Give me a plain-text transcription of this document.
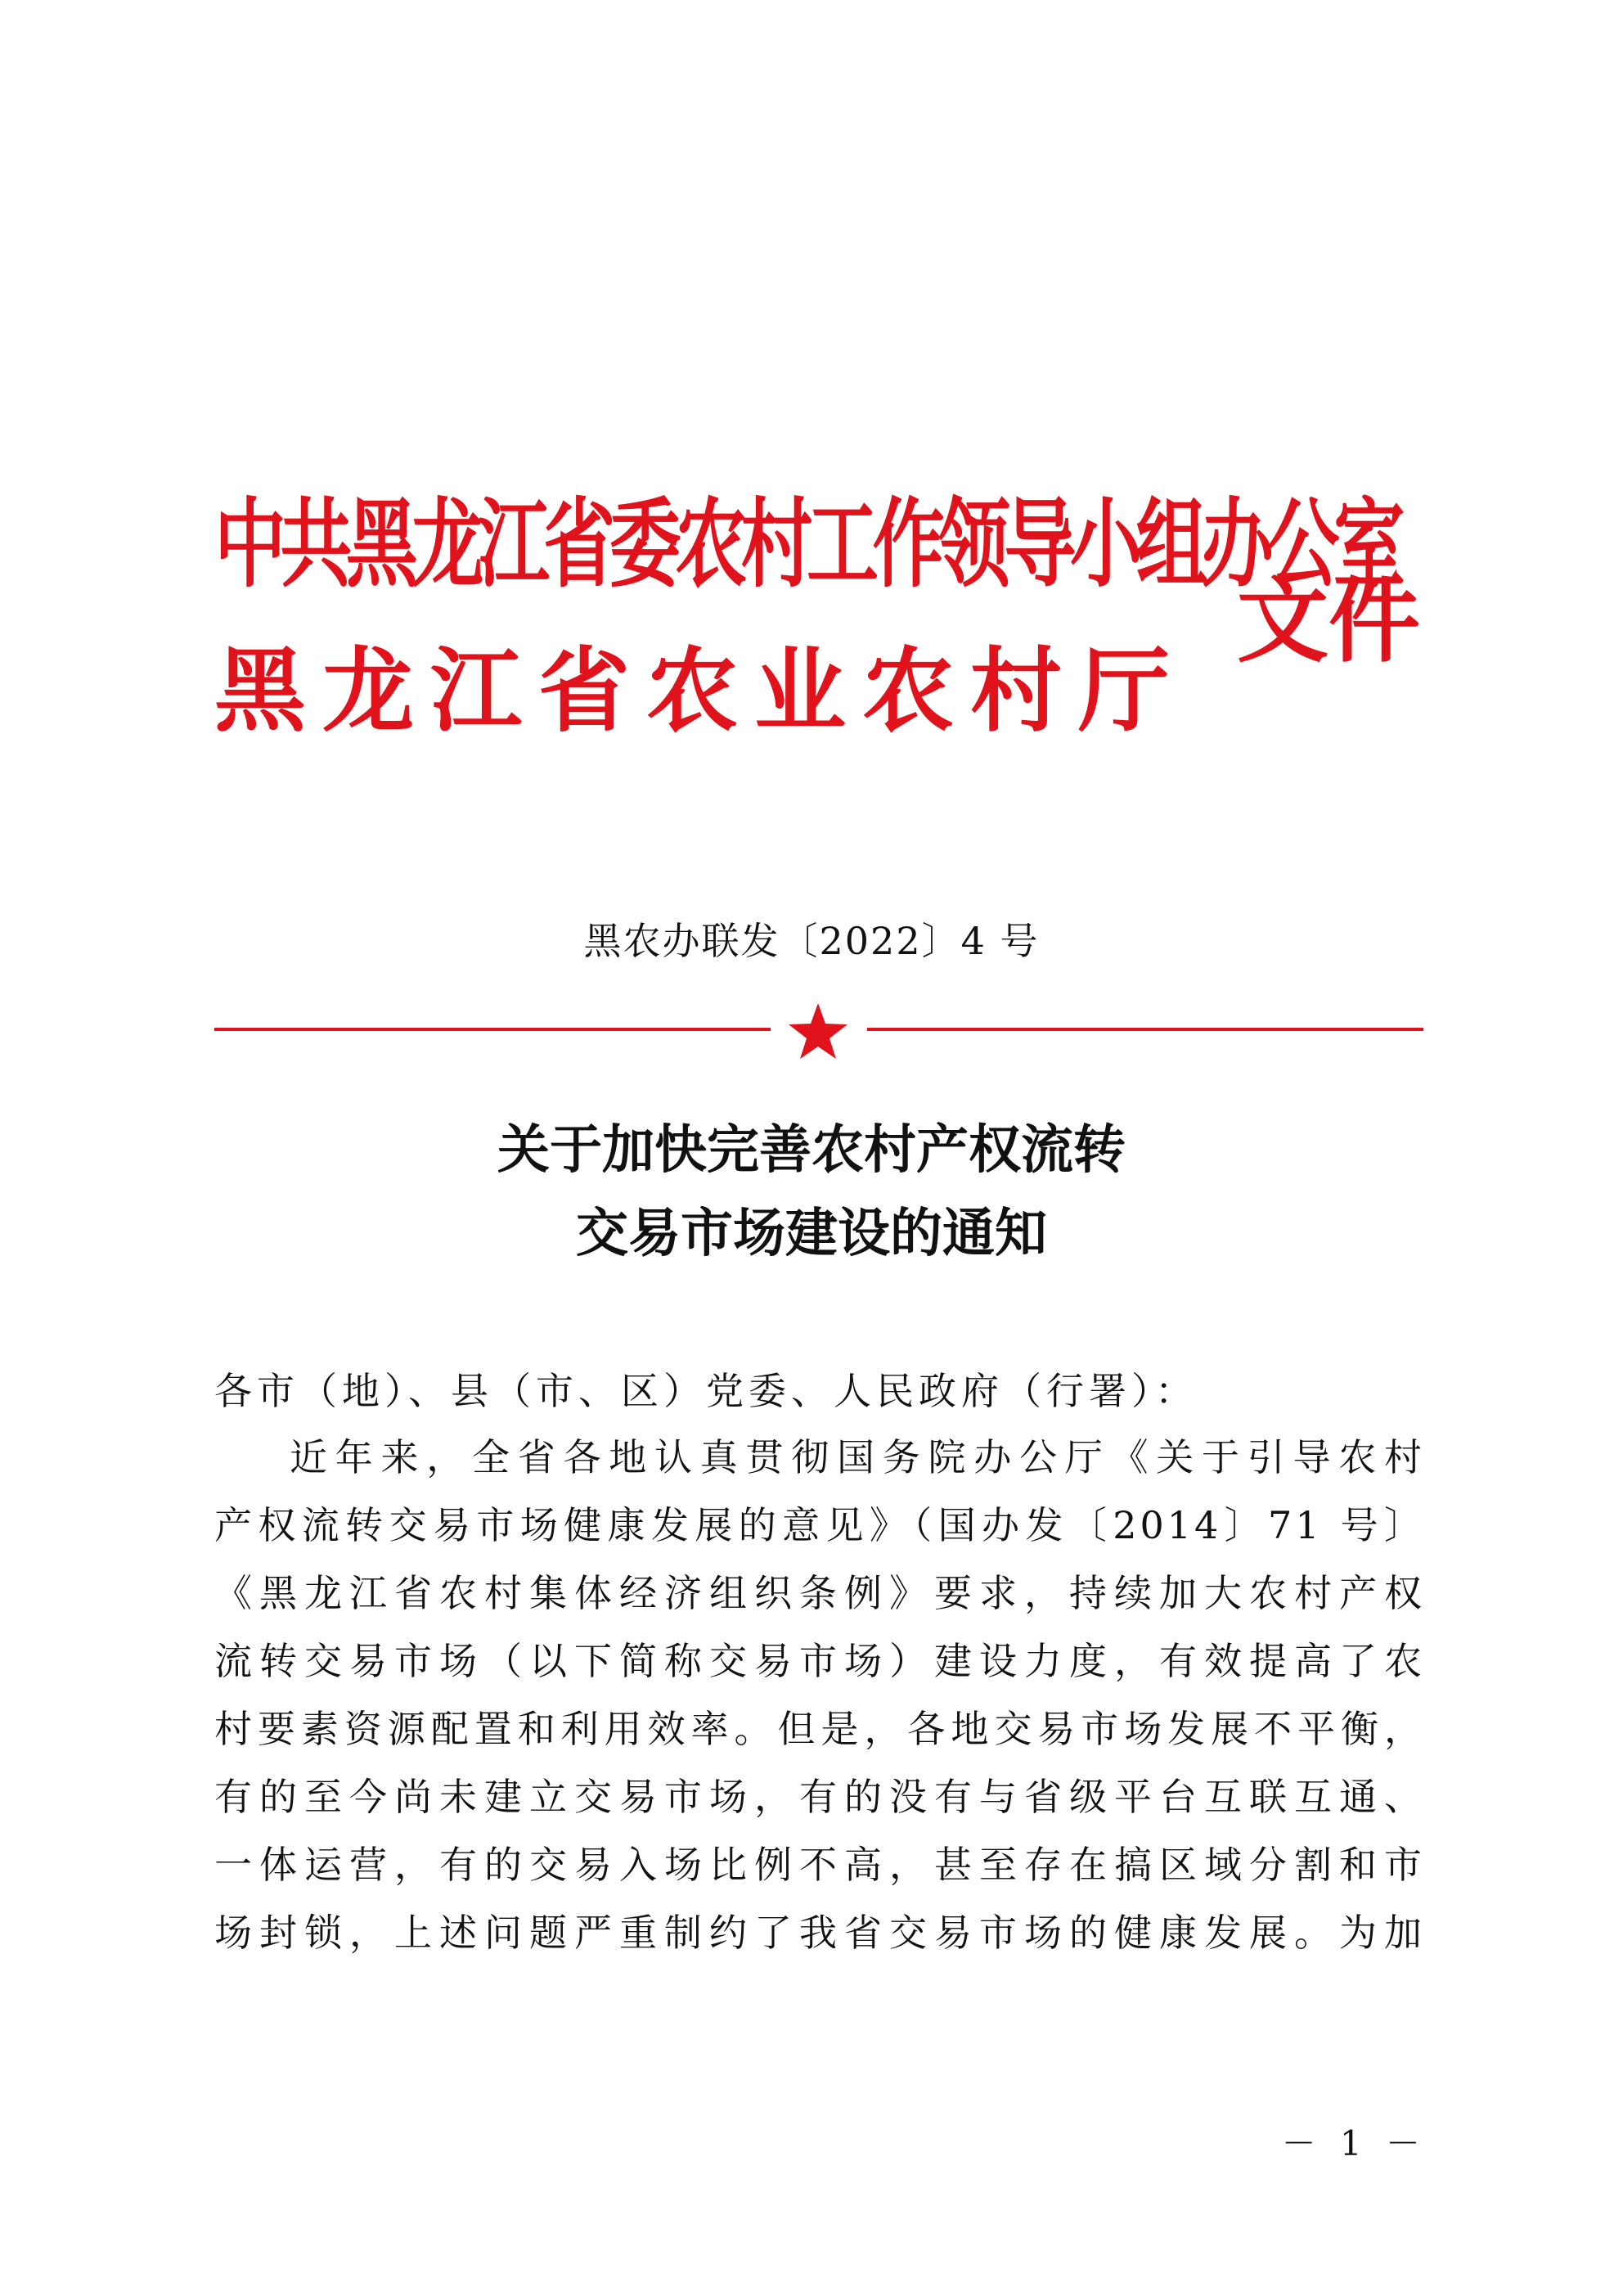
中共黑龙江省委农村工作领导小组办公室
黑龙江省农业农村厅
文件
黑农办联发〔2022〕4 号
关于加快完善农村产权流转
交易市场建设的通知
各市（地）、县（市、区）党委、人民政府（行署）：
近年来，全省各地认真贯彻国务院办公厅《关于引导农村
产权流转交易市场健康发展的意见》（国办发〔2014〕71 号〕
《黑龙江省农村集体经济组织条例》要求，持续加大农村产权
流转交易市场（以下简称交易市场）建设力度，有效提高了农
村要素资源配置和利用效率。但是，各地交易市场发展不平衡，
有的至今尚未建立交易市场，有的没有与省级平台互联互通、
一体运营，有的交易入场比例不高，甚至存在搞区域分割和市
场封锁，上述问题严重制约了我省交易市场的健康发展。为加
－ 1 －
